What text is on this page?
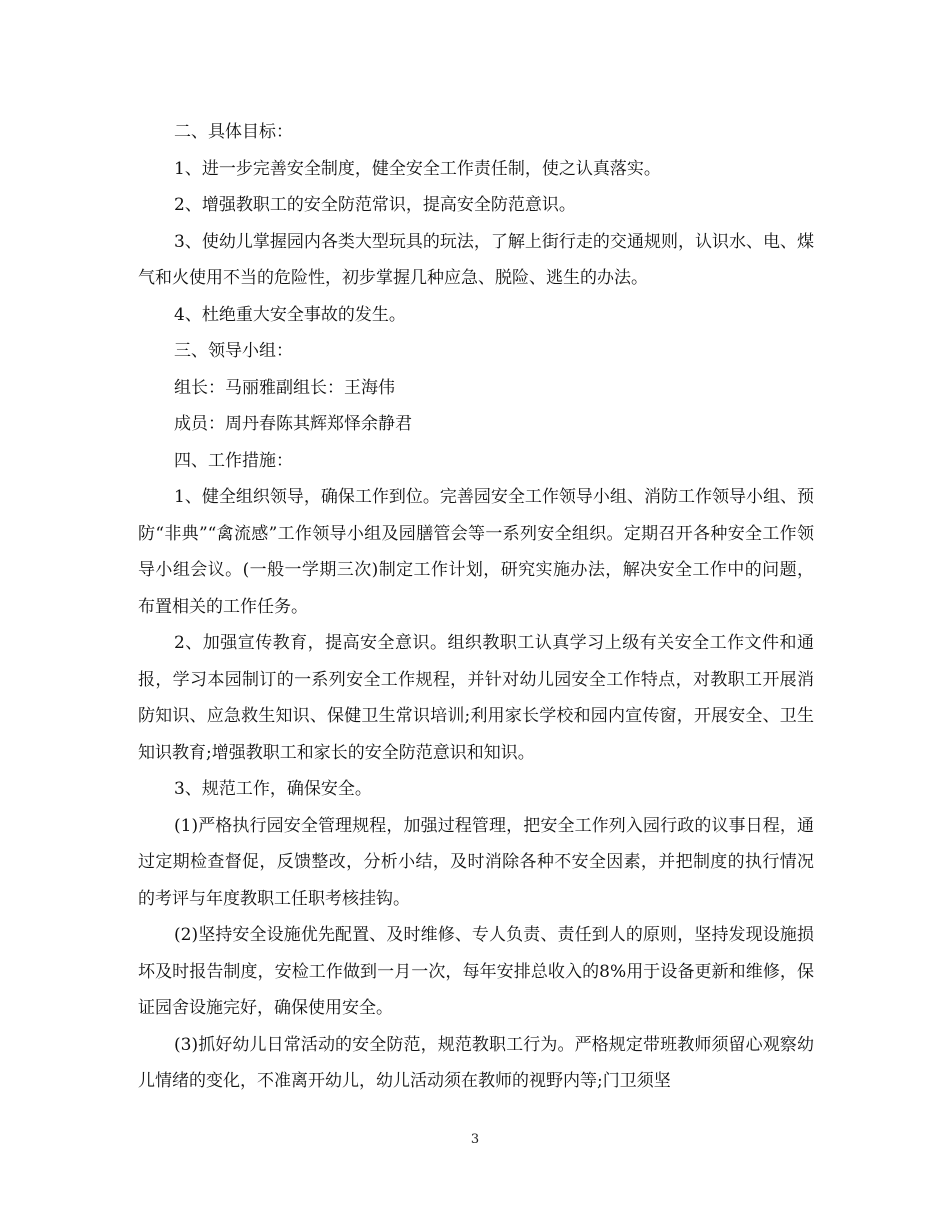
二、具体目标：

1、进一步完善安全制度，健全安全工作责任制，使之认真落实。

2、增强教职工的安全防范常识，提高安全防范意识。

3、使幼儿掌握园内各类大型玩具的玩法，了解上街行走的交通规则，认识水、电、煤气和火使用不当的危险性，初步掌握几种应急、脱险、逃生的办法。

4、杜绝重大安全事故的发生。

三、领导小组：

组长：马丽雅副组长：王海伟

成员：周丹春陈其辉郑怿余静君

四、工作措施：

1、健全组织领导，确保工作到位。完善园安全工作领导小组、消防工作领导小组、预防“非典”“禽流感”工作领导小组及园膳管会等一系列安全组织。定期召开各种安全工作领导小组会议。(一般一学期三次)制定工作计划，研究实施办法，解决安全工作中的问题，布置相关的工作任务。

2、加强宣传教育，提高安全意识。组织教职工认真学习上级有关安全工作文件和通报，学习本园制订的一系列安全工作规程，并针对幼儿园安全工作特点，对教职工开展消防知识、应急救生知识、保健卫生常识培训;利用家长学校和园内宣传窗，开展安全、卫生知识教育;增强教职工和家长的安全防范意识和知识。

3、规范工作，确保安全。

(1)严格执行园安全管理规程，加强过程管理，把安全工作列入园行政的议事日程，通过定期检查督促，反馈整改，分析小结，及时消除各种不安全因素，并把制度的执行情况的考评与年度教职工任职考核挂钩。

(2)坚持安全设施优先配置、及时维修、专人负责、责任到人的原则，坚持发现设施损坏及时报告制度，安检工作做到一月一次，每年安排总收入的8%用于设备更新和维修，保证园舍设施完好，确保使用安全。

(3)抓好幼儿日常活动的安全防范，规范教职工行为。严格规定带班教师须留心观察幼儿情绪的变化，不准离开幼儿，幼儿活动须在教师的视野内等;门卫须坚

3
